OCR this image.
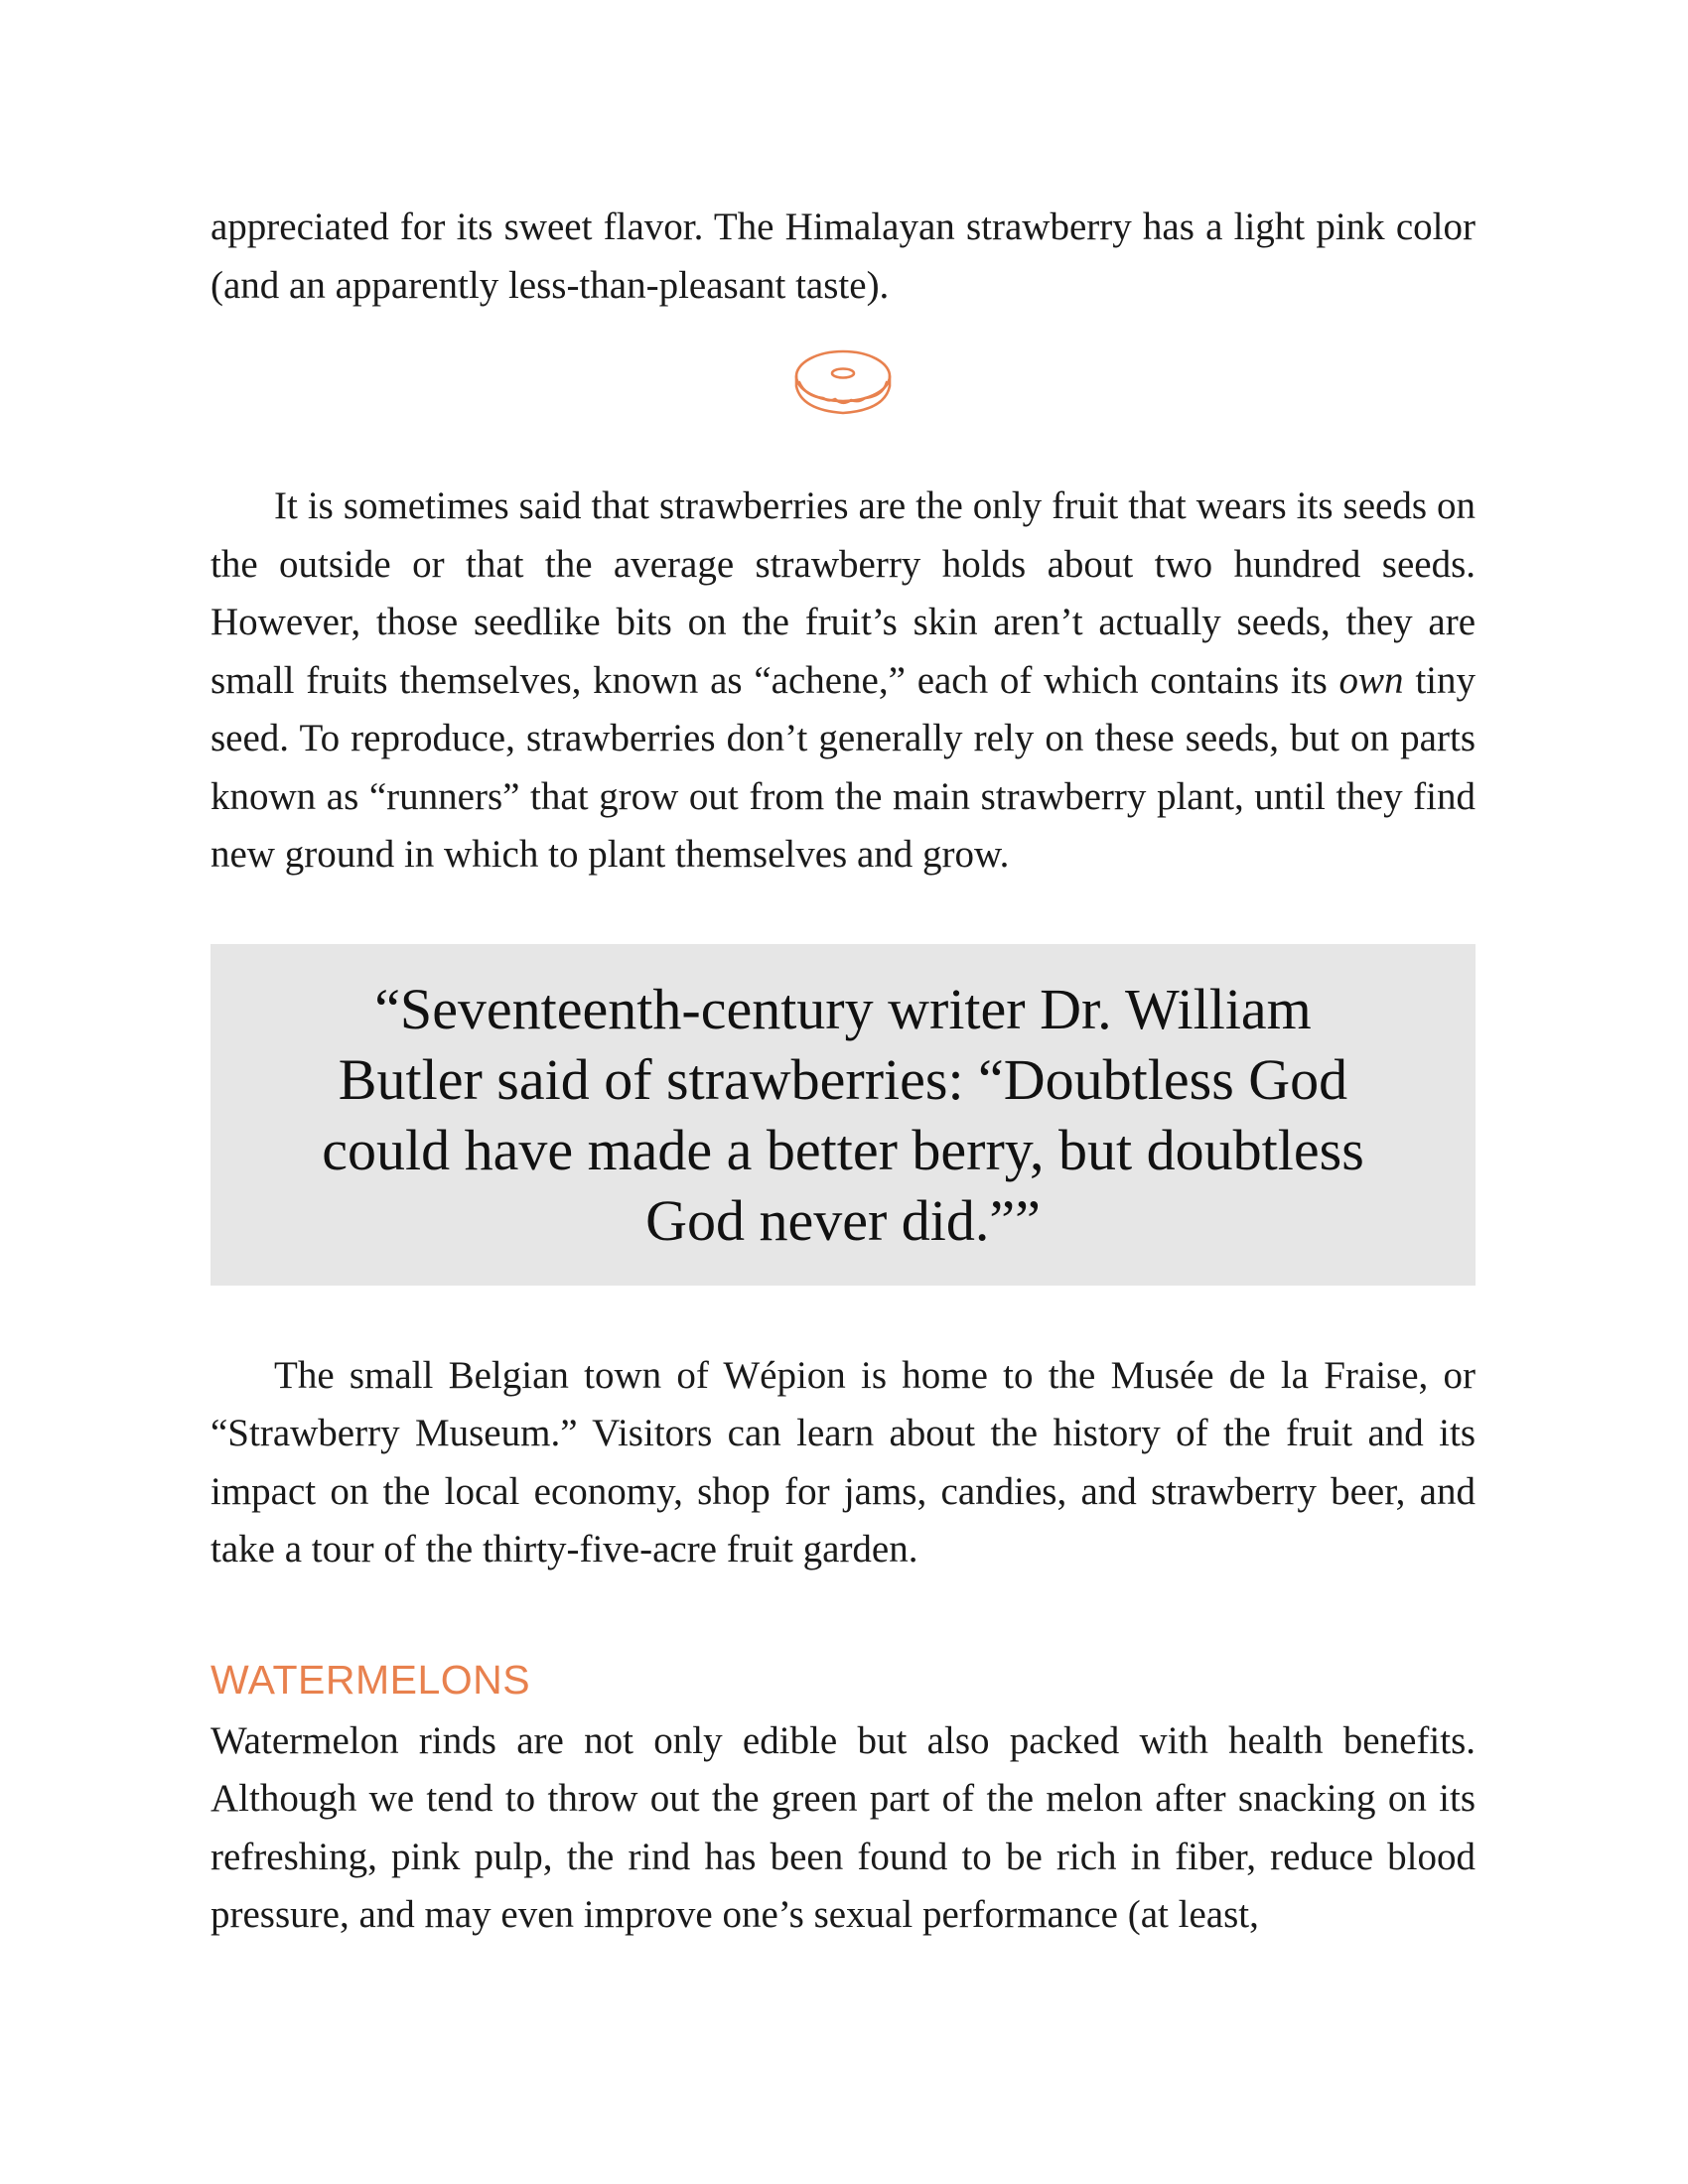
appreciated for its sweet flavor. The Himalayan strawberry has a light pink color (and an apparently less-than-pleasant taste).

It is sometimes said that strawberries are the only fruit that wears its seeds on the outside or that the average strawberry holds about two hundred seeds. However, those seedlike bits on the fruit’s skin aren’t actually seeds, they are small fruits themselves, known as “achene,” each of which contains its own tiny seed. To reproduce, strawberries don’t generally rely on these seeds, but on parts known as “runners” that grow out from the main strawberry plant, until they find new ground in which to plant themselves and grow.

“Seventeenth-century writer Dr. William Butler said of strawberries: “Doubtless God could have made a better berry, but doubtless God never did.””

The small Belgian town of Wépion is home to the Musée de la Fraise, or “Strawberry Museum.” Visitors can learn about the history of the fruit and its impact on the local economy, shop for jams, candies, and strawberry beer, and take a tour of the thirty-five-acre fruit garden.

WATERMELONS

Watermelon rinds are not only edible but also packed with health benefits. Although we tend to throw out the green part of the melon after snacking on its refreshing, pink pulp, the rind has been found to be rich in fiber, reduce blood pressure, and may even improve one’s sexual performance (at least,
